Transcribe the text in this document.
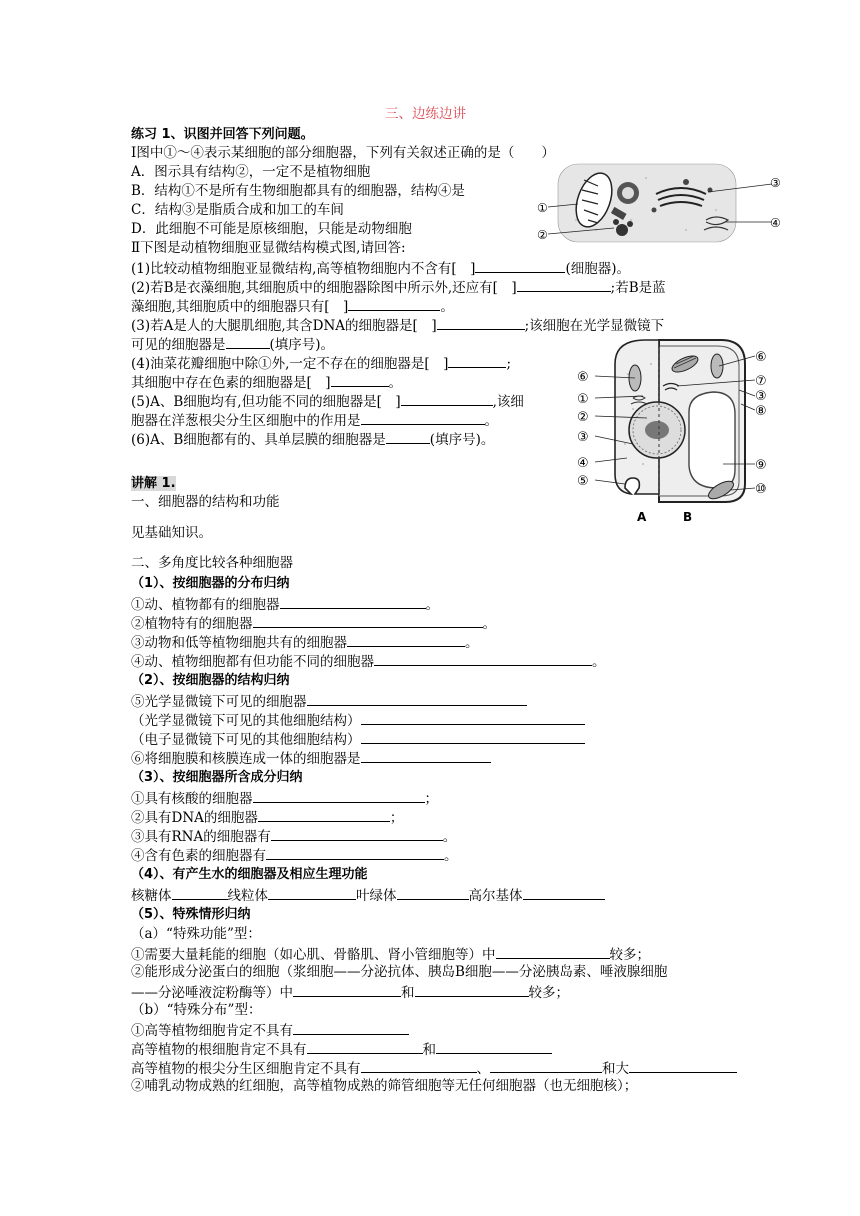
三、边练边讲
练习 1、识图并回答下列问题。
Ⅰ图中①～④表示某细胞的部分细胞器，下列有关叙述正确的是（　　）
A．图示具有结构②，一定不是植物细胞
B．结构①不是所有生物细胞都具有的细胞器，结构④是
C．结构③是脂质合成和加工的车间
D．此细胞不可能是原核细胞，只能是动物细胞
Ⅱ下图是动植物细胞亚显微结构模式图,请回答:
(1)比较动植物细胞亚显微结构,高等植物细胞内不含有[　]	(细胞器)。
(2)若B是衣藻细胞,其细胞质中的细胞器除图中所示外,还应有[　]	;若B是蓝
藻细胞,其细胞质中的细胞器只有[　]	。
(3)若A是人的大腿肌细胞,其含DNA的细胞器是[　]	;该细胞在光学显微镜下
可见的细胞器是	(填序号)。
(4)油菜花瓣细胞中除①外,一定不存在的细胞器是[　]	;
其细胞中存在色素的细胞器是[　]	。
(5)A、B细胞均有,但功能不同的细胞器是[　]	,该细
胞器在洋葱根尖分生区细胞中的作用是	。
(6)A、B细胞都有的、具单层膜的细胞器是	(填序号)。
①
②
③
④
⑥
①
②
③
④
⑤
⑥
⑦
③
⑧
⑨
⑩
A	B
讲解 1.
一、细胞器的结构和功能
见基础知识。
二、多角度比较各种细胞器
（1）、按细胞器的分布归纳
①动、植物都有的细胞器	。
②植物特有的细胞器	。
③动物和低等植物细胞共有的细胞器	。
④动、植物细胞都有但功能不同的细胞器	。
（2）、按细胞器的结构归纳
⑤光学显微镜下可见的细胞器
（光学显微镜下可见的其他细胞结构）
（电子显微镜下可见的其他细胞结构）
⑥将细胞膜和核膜连成一体的细胞器是
（3）、按细胞器所含成分归纳
①具有核酸的细胞器	；
②具有DNA的细胞器	；
③具有RNA的细胞器有	。
④含有色素的细胞器有	。
（4）、有产生水的细胞器及相应生理功能
核糖体	线粒体	叶绿体	高尔基体
（5）、特殊情形归纳
（a）“特殊功能”型：
①需要大量耗能的细胞（如心肌、骨骼肌、肾小管细胞等）中	较多；
②能形成分泌蛋白的细胞（浆细胞——分泌抗体、胰岛B细胞——分泌胰岛素、唾液腺细胞
——分泌唾液淀粉酶等）中	和	较多；
（b）“特殊分布”型：
①高等植物细胞肯定不具有
高等植物的根细胞肯定不具有	和
高等植物的根尖分生区细胞肯定不具有	、	和大
②哺乳动物成熟的红细胞，高等植物成熟的筛管细胞等无任何细胞器（也无细胞核）；
